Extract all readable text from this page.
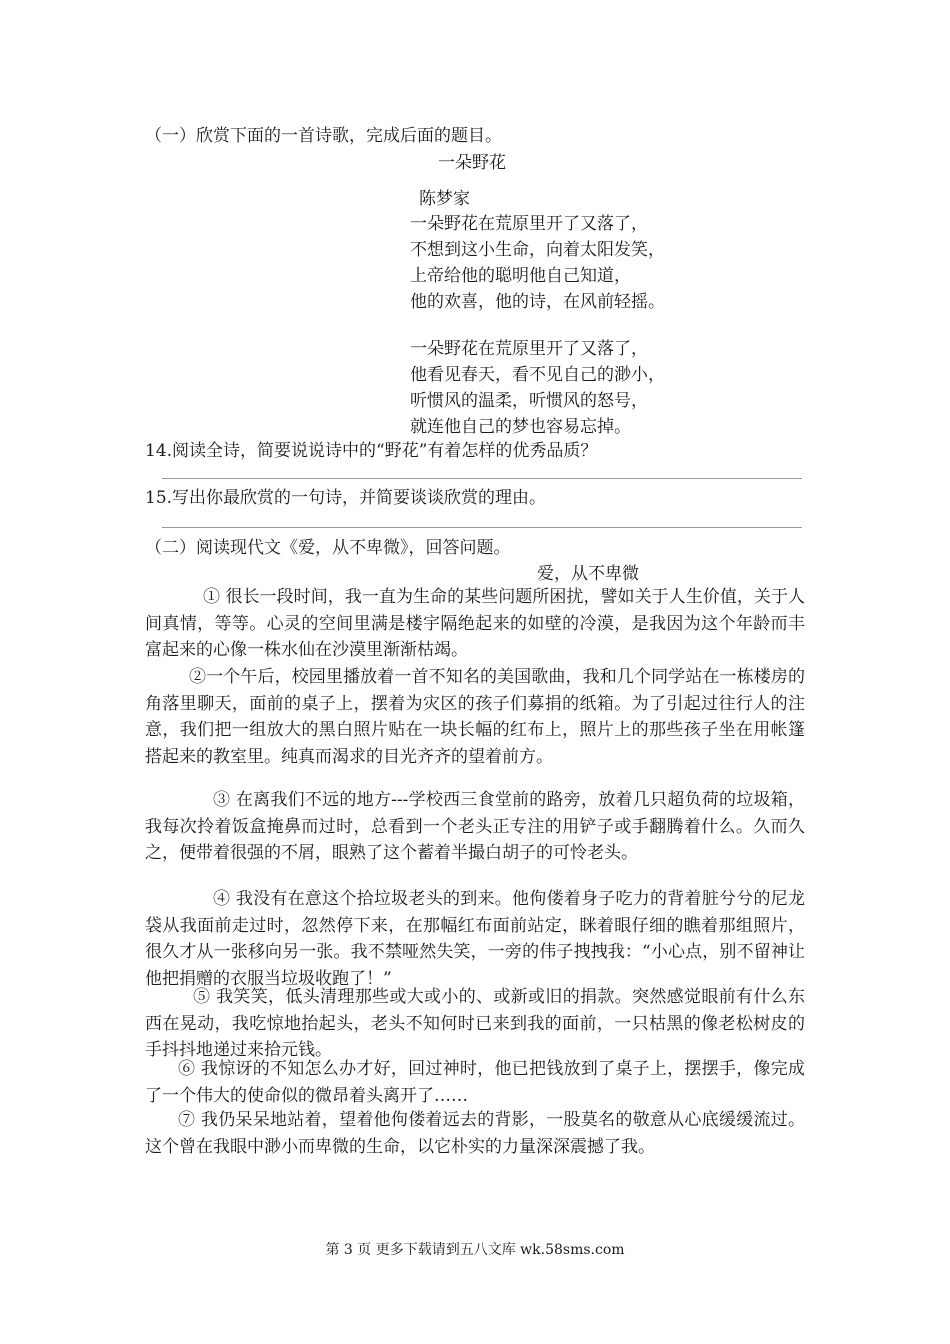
（一）欣赏下面的一首诗歌，完成后面的题目。
一朵野花
陈梦家
一朵野花在荒原里开了又落了，
不想到这小生命，向着太阳发笑，
上帝给他的聪明他自己知道，
他的欢喜，他的诗，在风前轻摇。
一朵野花在荒原里开了又落了，
他看见春天，看不见自己的渺小，
听惯风的温柔，听惯风的怒号，
就连他自己的梦也容易忘掉。
14.阅读全诗，简要说说诗中的“野花”有着怎样的优秀品质？
15.写出你最欣赏的一句诗，并简要谈谈欣赏的理由。
（二）阅读现代文《爱，从不卑微》，回答问题。
爱，从不卑微
① 很长一段时间，我一直为生命的某些问题所困扰，譬如关于人生价值，关于人间真情，等等。心灵的空间里满是楼宇隔绝起来的如壁的冷漠，是我因为这个年龄而丰富起来的心像一株水仙在沙漠里渐渐枯竭。
②一个午后，校园里播放着一首不知名的美国歌曲，我和几个同学站在一栋楼房的角落里聊天，面前的桌子上，摆着为灾区的孩子们募捐的纸箱。为了引起过往行人的注意，我们把一组放大的黑白照片贴在一块长幅的红布上，照片上的那些孩子坐在用帐篷搭起来的教室里。纯真而渴求的目光齐齐的望着前方。
③ 在离我们不远的地方---学校西三食堂前的路旁，放着几只超负荷的垃圾箱，我每次拎着饭盒掩鼻而过时，总看到一个老头正专注的用铲子或手翻腾着什么。久而久之，便带着很强的不屑，眼熟了这个蓄着半撮白胡子的可怜老头。
④ 我没有在意这个拾垃圾老头的到来。他佝偻着身子吃力的背着脏兮兮的尼龙袋从我面前走过时，忽然停下来，在那幅红布面前站定，眯着眼仔细的瞧着那组照片，很久才从一张移向另一张。我不禁哑然失笑，一旁的伟子拽拽我：“小心点，别不留神让他把捐赠的衣服当垃圾收跑了！”
⑤ 我笑笑，低头清理那些或大或小的、或新或旧的捐款。突然感觉眼前有什么东西在晃动，我吃惊地抬起头，老头不知何时已来到我的面前，一只枯黑的像老松树皮的手抖抖地递过来拾元钱。
⑥ 我惊讶的不知怎么办才好，回过神时，他已把钱放到了桌子上，摆摆手，像完成了一个伟大的使命似的微昂着头离开了……
⑦ 我仍呆呆地站着，望着他佝偻着远去的背影，一股莫名的敬意从心底缓缓流过。这个曾在我眼中渺小而卑微的生命，以它朴实的力量深深震撼了我。
第 3 页 更多下载请到五八文库 wk.58sms.com
